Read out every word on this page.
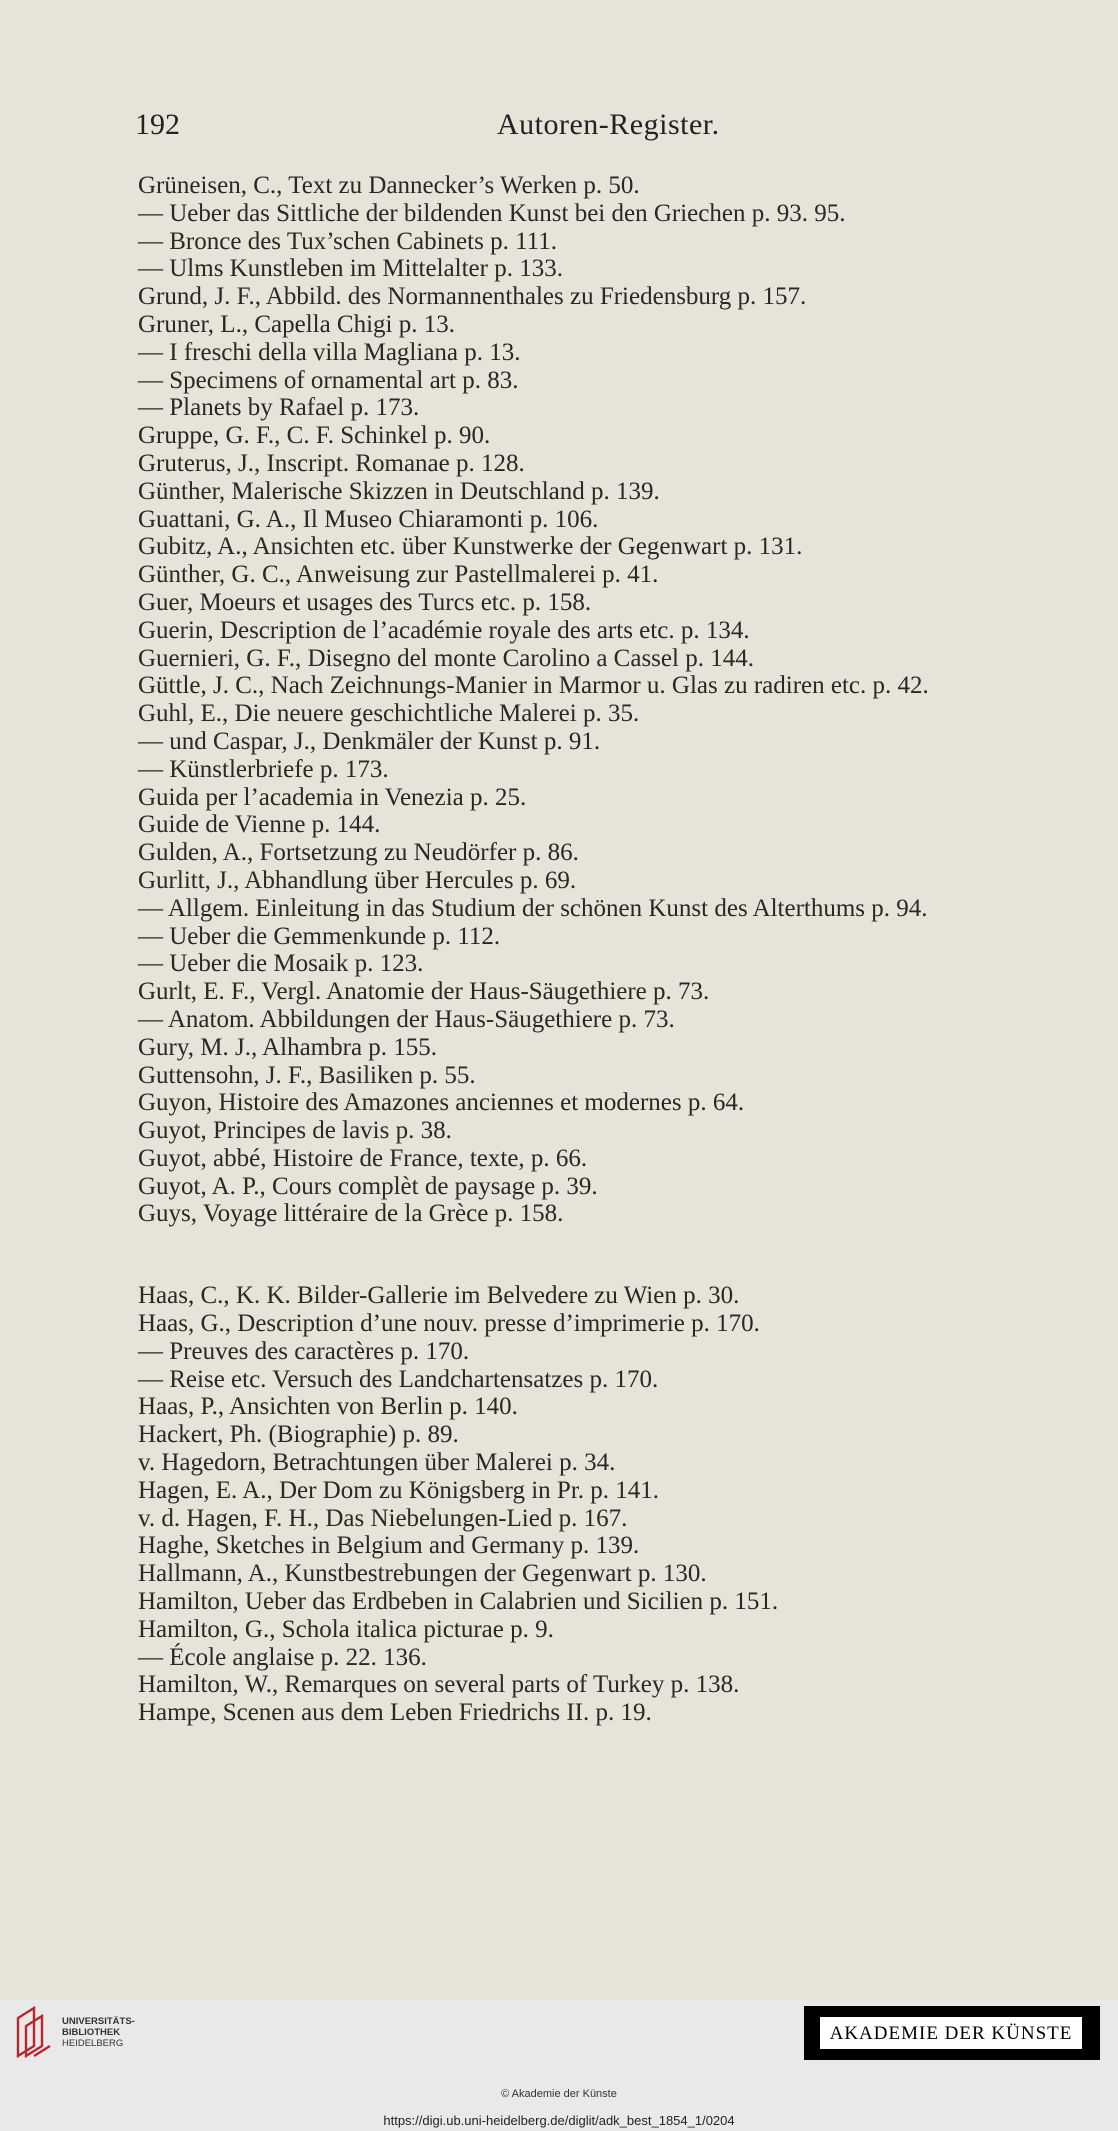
192	Autoren-Register.
Grüneisen, C., Text zu Dannecker’s Werken p. 50.
— Ueber das Sittliche der bildenden Kunst bei den Griechen p. 93. 95.
— Bronce des Tux’schen Cabinets p. 111.
— Ulms Kunstleben im Mittelalter p. 133.
Grund, J. F., Abbild. des Normannenthales zu Friedensburg p. 157.
Gruner, L., Capella Chigi p. 13.
— I freschi della villa Magliana p. 13.
— Specimens of ornamental art p. 83.
— Planets by Rafael p. 173.
Gruppe, G. F., C. F. Schinkel p. 90.
Gruterus, J., Inscript. Romanae p. 128.
Günther, Malerische Skizzen in Deutschland p. 139.
Guattani, G. A., Il Museo Chiaramonti p. 106.
Gubitz, A., Ansichten etc. über Kunstwerke der Gegenwart p. 131.
Günther, G. C., Anweisung zur Pastellmalerei p. 41.
Guer, Moeurs et usages des Turcs etc. p. 158.
Guerin, Description de l’académie royale des arts etc. p. 134.
Guernieri, G. F., Disegno del monte Carolino a Cassel p. 144.
Güttle, J. C., Nach Zeichnungs-Manier in Marmor u. Glas zu radiren etc. p. 42.
Guhl, E., Die neuere geschichtliche Malerei p. 35.
— und Caspar, J., Denkmäler der Kunst p. 91.
— Künstlerbriefe p. 173.
Guida per l’academia in Venezia p. 25.
Guide de Vienne p. 144.
Gulden, A., Fortsetzung zu Neudörfer p. 86.
Gurlitt, J., Abhandlung über Hercules p. 69.
— Allgem. Einleitung in das Studium der schönen Kunst des Alterthums p. 94.
— Ueber die Gemmenkunde p. 112.
— Ueber die Mosaik p. 123.
Gurlt, E. F., Vergl. Anatomie der Haus-Säugethiere p. 73.
— Anatom. Abbildungen der Haus-Säugethiere p. 73.
Gury, M. J., Alhambra p. 155.
Guttensohn, J. F., Basiliken p. 55.
Guyon, Histoire des Amazones anciennes et modernes p. 64.
Guyot, Principes de lavis p. 38.
Guyot, abbé, Histoire de France, texte, p. 66.
Guyot, A. P., Cours complèt de paysage p. 39.
Guys, Voyage littéraire de la Grèce p. 158.
Haas, C., K. K. Bilder-Gallerie im Belvedere zu Wien p. 30.
Haas, G., Description d’une nouv. presse d’imprimerie p. 170.
— Preuves des caractères p. 170.
— Reise etc. Versuch des Landchartensatzes p. 170.
Haas, P., Ansichten von Berlin p. 140.
Hackert, Ph. (Biographie) p. 89.
v. Hagedorn, Betrachtungen über Malerei p. 34.
Hagen, E. A., Der Dom zu Königsberg in Pr. p. 141.
v. d. Hagen, F. H., Das Niebelungen-Lied p. 167.
Haghe, Sketches in Belgium and Germany p. 139.
Hallmann, A., Kunstbestrebungen der Gegenwart p. 130.
Hamilton, Ueber das Erdbeben in Calabrien und Sicilien p. 151.
Hamilton, G., Schola italica picturae p. 9.
— École anglaise p. 22. 136.
Hamilton, W., Remarques on several parts of Turkey p. 138.
Hampe, Scenen aus dem Leben Friedrichs II. p. 19.
UNIVERSITÄTS-
BIBLIOTHEK
HEIDELBERG	AKADEMIE DER KÜNSTE
© Akademie der Künste
https://digi.ub.uni-heidelberg.de/diglit/adk_best_1854_1/0204
